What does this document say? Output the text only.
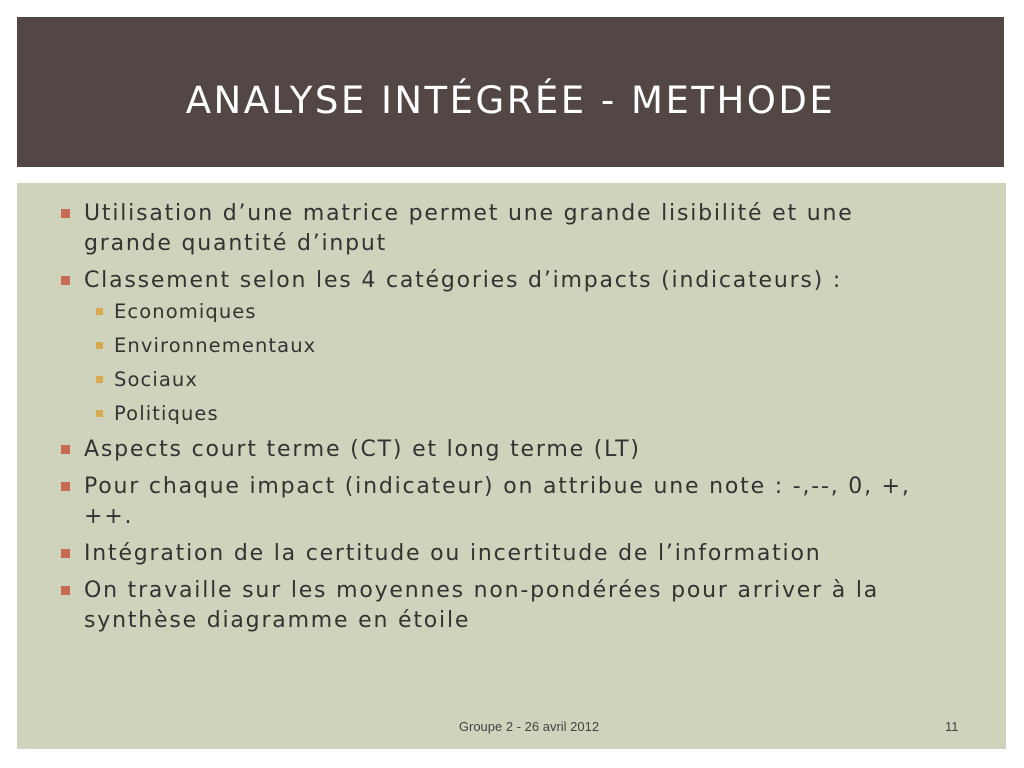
ANALYSE INTÉGRÉE - METHODE
Utilisation d’une matrice permet une grande lisibilité et une grande quantité d’input
Classement selon les 4 catégories d’impacts (indicateurs) :
Economiques
Environnementaux
Sociaux
Politiques
Aspects court terme (CT) et long terme (LT)
Pour chaque impact (indicateur) on attribue une note : -,--, 0, +, ++.
Intégration de la certitude ou incertitude de l’information
On travaille sur les moyennes non-pondérées pour arriver à la synthèse diagramme en étoile
Groupe 2 - 26 avril 2012	11
